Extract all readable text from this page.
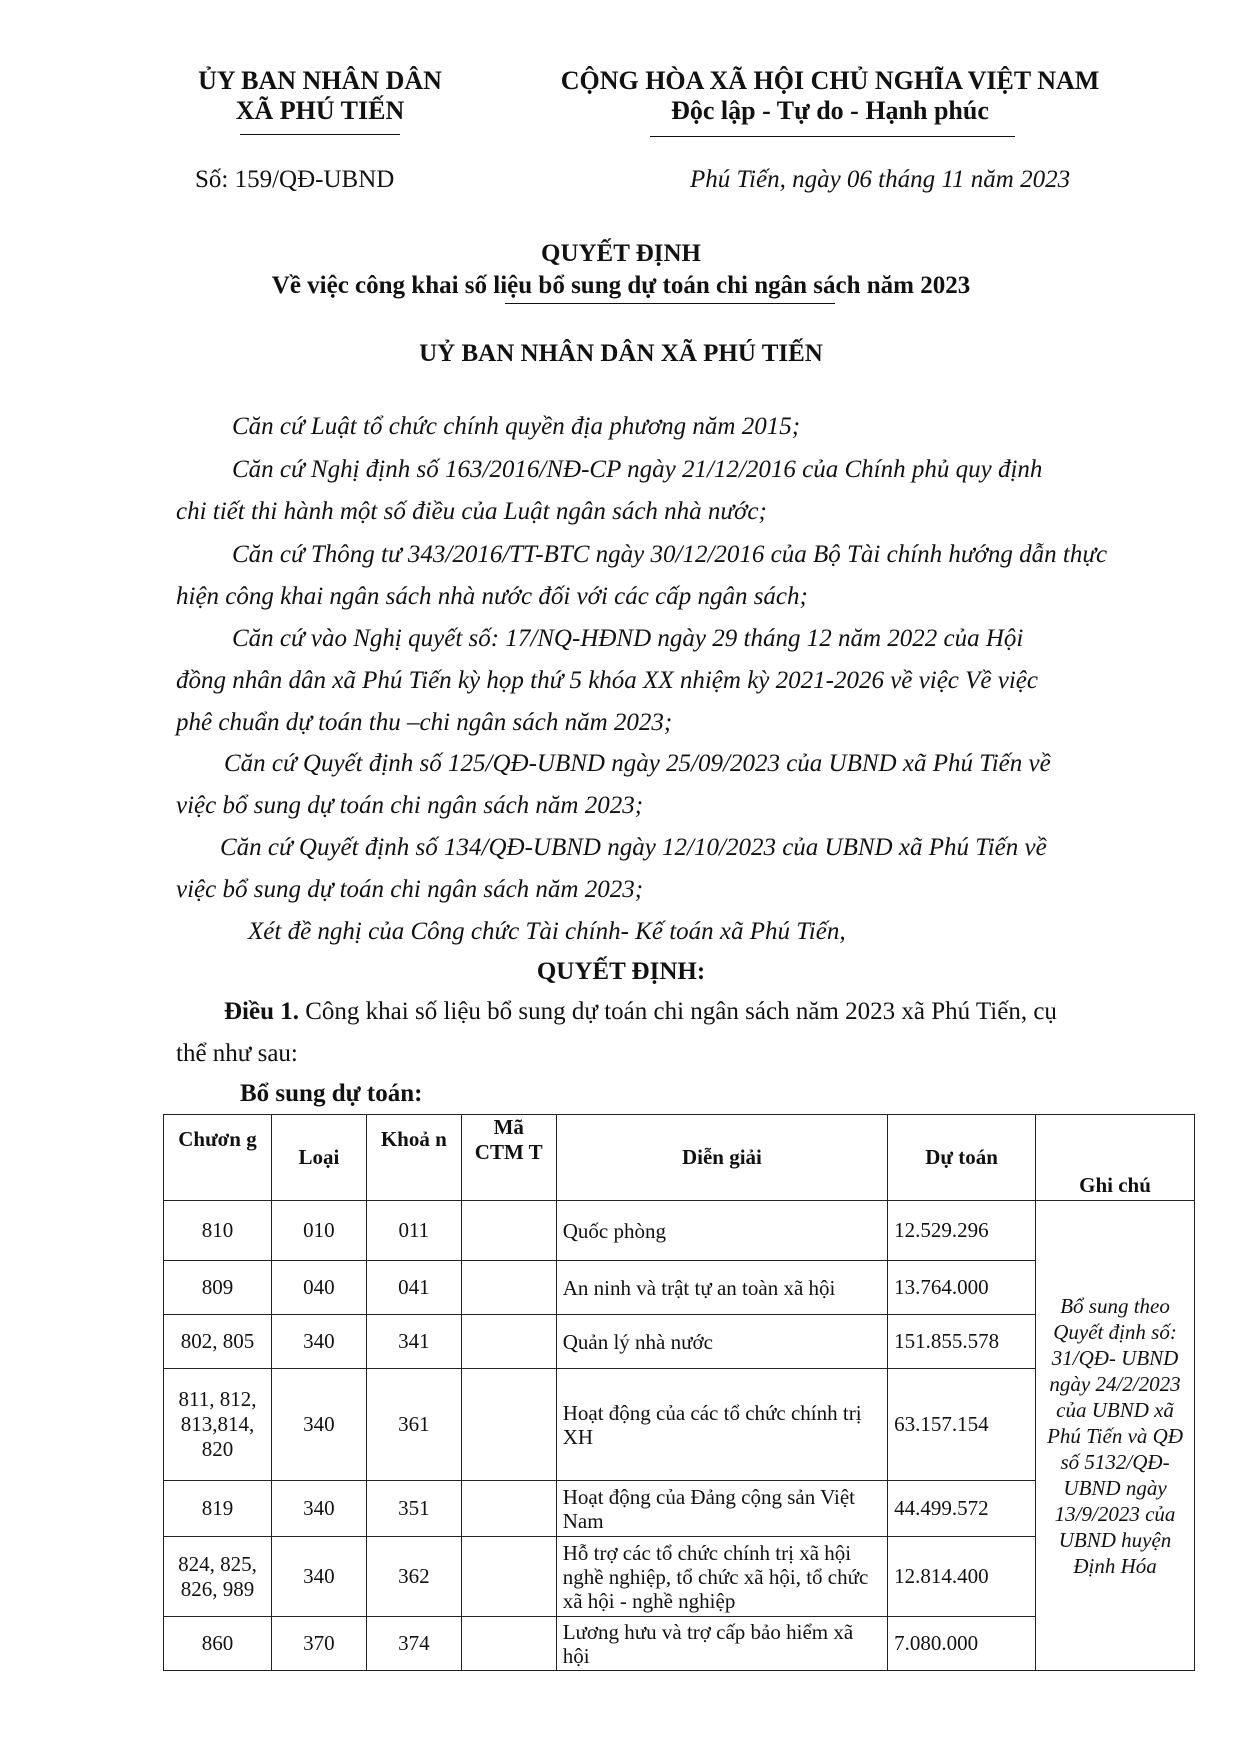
ỦY BAN NHÂN DÂN
XÃ PHÚ TIẾN
CỘNG HÒA XÃ HỘI CHỦ NGHĨA VIỆT NAM
Độc lập - Tự do - Hạnh phúc
Số: 159/QĐ-UBND	Phú Tiến, ngày 06 tháng 11 năm 2023
QUYẾT ĐỊNH
Về việc công khai số liệu bổ sung dự toán chi ngân sách năm 2023
UỶ BAN NHÂN DÂN XÃ PHÚ TIẾN
Căn cứ Luật tổ chức chính quyền địa phương năm 2015;
Căn cứ Nghị định số 163/2016/NĐ-CP ngày 21/12/2016 của Chính phủ quy định
chi tiết thi hành một số điều của Luật ngân sách nhà nước;
Căn cứ Thông tư 343/2016/TT-BTC ngày 30/12/2016 của Bộ Tài chính hướng dẫn thực
hiện công khai ngân sách nhà nước đối với các cấp ngân sách;
Căn cứ vào Nghị quyết số: 17/NQ-HĐND ngày 29 tháng 12 năm 2022 của Hội
đồng nhân dân xã Phú Tiến kỳ họp thứ 5 khóa XX nhiệm kỳ 2021-2026 về việc Về việc
phê chuẩn dự toán thu –chi ngân sách năm 2023;
Căn cứ Quyết định số 125/QĐ-UBND ngày 25/09/2023 của UBND xã Phú Tiến về
việc bổ sung dự toán chi ngân sách năm 2023;
Căn cứ Quyết định số 134/QĐ-UBND ngày 12/10/2023 của UBND xã Phú Tiến về
việc bổ sung dự toán chi ngân sách năm 2023;
Xét đề nghị của Công chức Tài chính- Kế toán xã Phú Tiến,
QUYẾT ĐỊNH:
Điều 1. Công khai số liệu bổ sung dự toán chi ngân sách năm 2023 xã Phú Tiến, cụ
thể như sau:
Bổ sung dự toán:
Chươn g	Loại	Khoả n	Mã CTM T	Diễn giải	Dự toán	Ghi chú
810	010	011		Quốc phòng	12.529.296	Bổ sung theo Quyết định số: 31/QĐ- UBND ngày 24/2/2023 của UBND xã Phú Tiến và QĐ số 5132/QĐ-UBND ngày 13/9/2023 của UBND huyện Định Hóa
809	040	041		An ninh và trật tự an toàn xã hội	13.764.000	
802, 805	340	341		Quản lý nhà nước	151.855.578	
811, 812, 813,814, 820	340	361		Hoạt động của các tổ chức chính trị XH	63.157.154	
819	340	351		Hoạt động của Đảng cộng sản Việt Nam	44.499.572	
824, 825, 826, 989	340	362		Hỗ trợ các tổ chức chính trị xã hội nghề nghiệp, tổ chức xã hội, tổ chức xã hội - nghề nghiệp	12.814.400	
860	370	374		Lương hưu và trợ cấp bảo hiểm xã hội	7.080.000	
